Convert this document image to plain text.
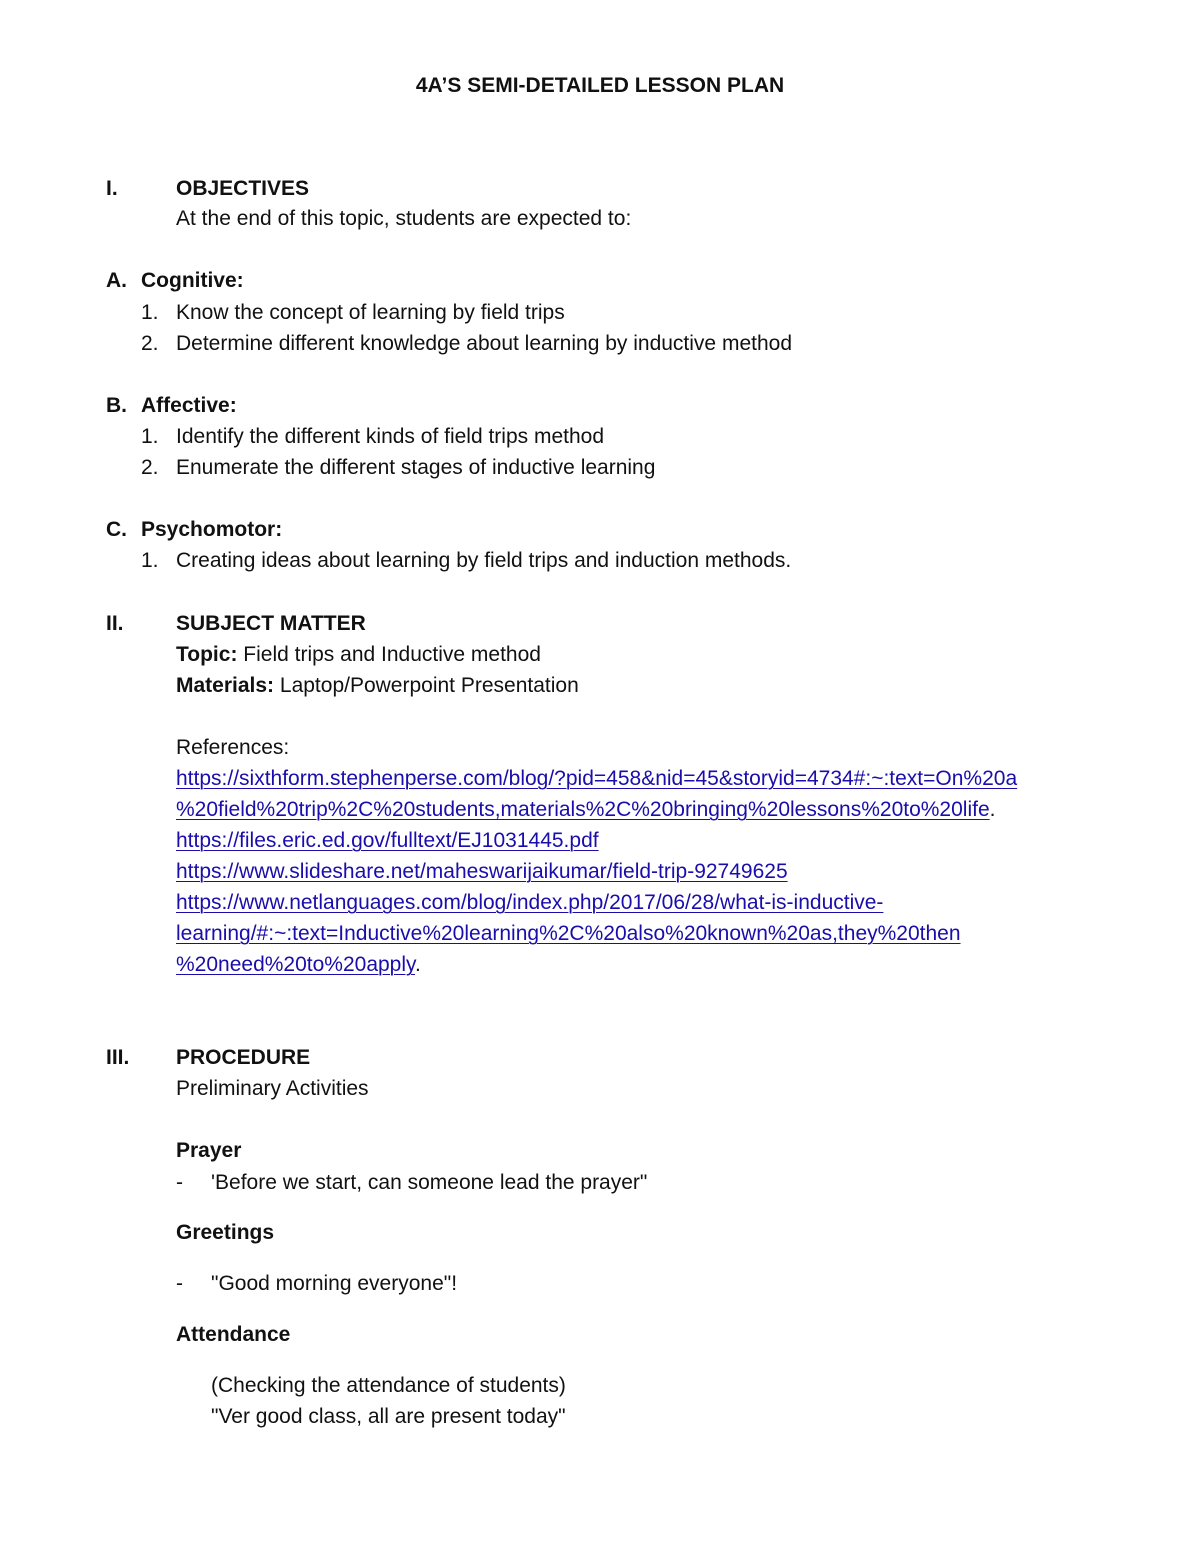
4A’S SEMI-DETAILED LESSON PLAN
I.	OBJECTIVES
At the end of this topic, students are expected to:
A. Cognitive:
1. Know the concept of learning by field trips
2. Determine different knowledge about learning by inductive method
B. Affective:
1. Identify the different kinds of field trips method
2. Enumerate the different stages of inductive learning
C. Psychomotor:
1. Creating ideas about learning by field trips and induction methods.
II. SUBJECT MATTER
Topic: Field trips and Inductive method
Materials: Laptop/Powerpoint Presentation
References:
https://sixthform.stephenperse.com/blog/?pid=458&nid=45&storyid=4734#:~:text=On%20a
%20field%20trip%2C%20students,materials%2C%20bringing%20lessons%20to%20life.
https://files.eric.ed.gov/fulltext/EJ1031445.pdf
https://www.slideshare.net/maheswarijaikumar/field-trip-92749625
https://www.netlanguages.com/blog/index.php/2017/06/28/what-is-inductive-
learning/#:~:text=Inductive%20learning%2C%20also%20known%20as,they%20then
%20need%20to%20apply.
III. PROCEDURE
Preliminary Activities
Prayer
- 'Before we start, can someone lead the prayer"
Greetings
- "Good morning everyone"!
Attendance
(Checking the attendance of students)
"Ver good class, all are present today"
